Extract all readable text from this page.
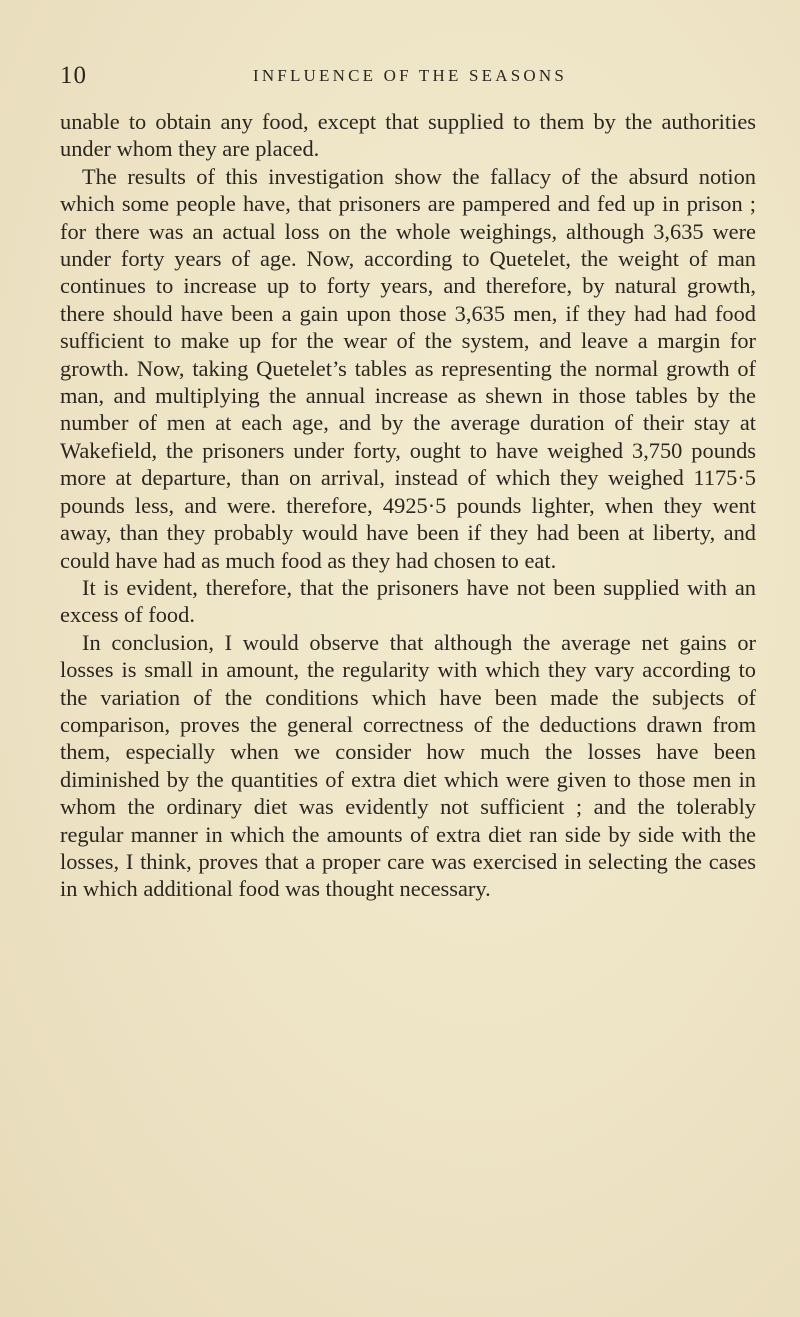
10	INFLUENCE OF THE SEASONS

unable to obtain any food, except that supplied to them by the authorities under whom they are placed.

The results of this investigation show the fallacy of the absurd notion which some people have, that prisoners are pampered and fed up in prison ; for there was an actual loss on the whole weighings, although 3,635 were under forty years of age. Now, according to Quetelet, the weight of man continues to increase up to forty years, and therefore, by natural growth, there should have been a gain upon those 3,635 men, if they had had food sufficient to make up for the wear of the system, and leave a margin for growth. Now, taking Quetelet’s tables as representing the normal growth of man, and multiplying the annual increase as shewn in those tables by the number of men at each age, and by the average duration of their stay at Wakefield, the prisoners under forty, ought to have weighed 3,750 pounds more at departure, than on arrival, instead of which they weighed 1175·5 pounds less, and were. therefore, 4925·5 pounds lighter, when they went away, than they probably would have been if they had been at liberty, and could have had as much food as they had chosen to eat.

It is evident, therefore, that the prisoners have not been supplied with an excess of food.

In conclusion, I would observe that although the average net gains or losses is small in amount, the regularity with which they vary according to the variation of the conditions which have been made the subjects of comparison, proves the general correctness of the deductions drawn from them, especially when we consider how much the losses have been diminished by the quantities of extra diet which were given to those men in whom the ordinary diet was evidently not sufficient ; and the tolerably regular manner in which the amounts of extra diet ran side by side with the losses, I think, proves that a proper care was exercised in selecting the cases in which additional food was thought necessary.
